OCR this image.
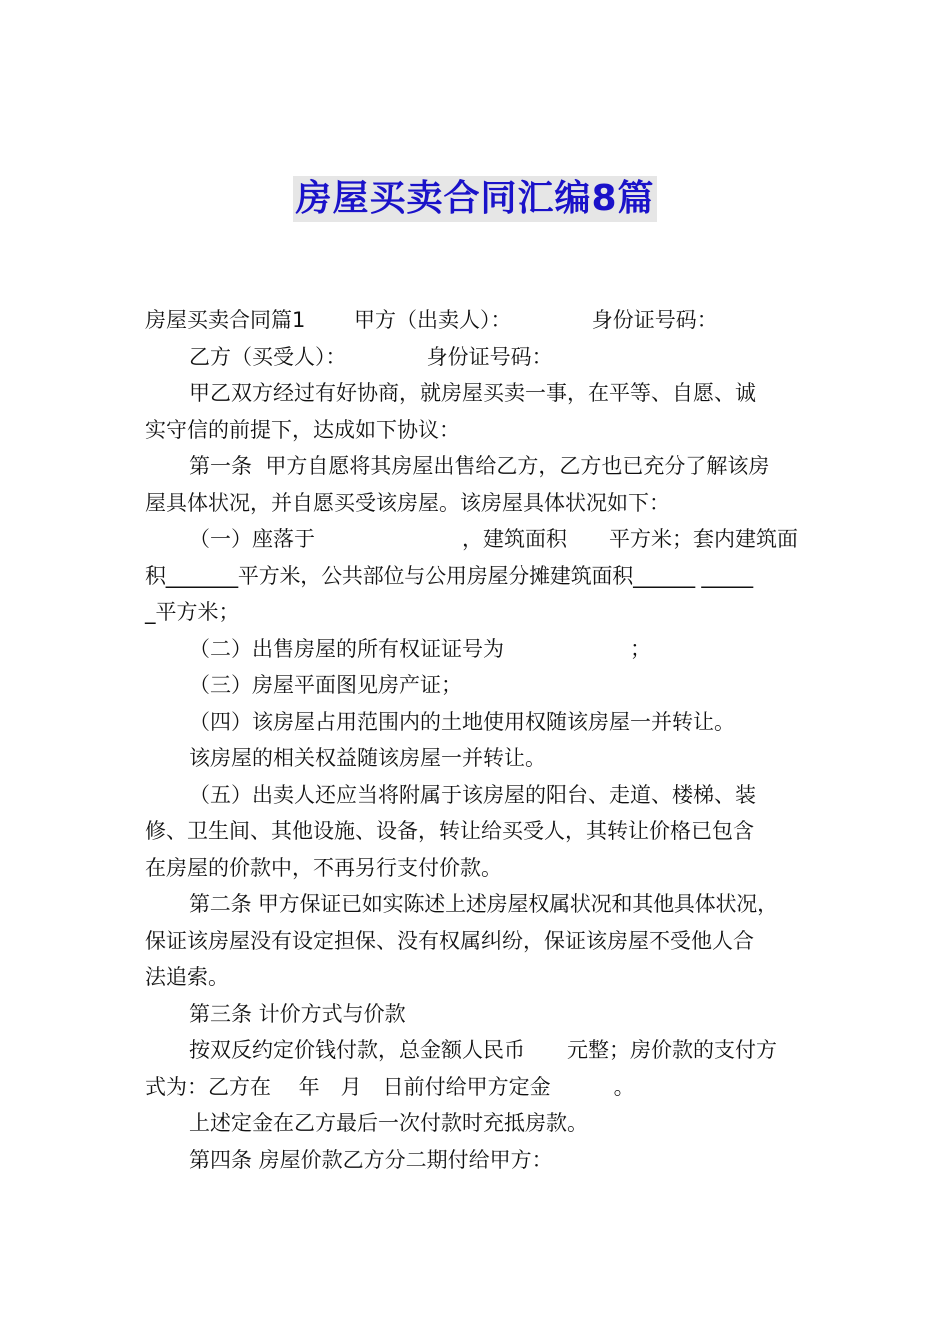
房屋买卖合同汇编8篇
房屋买卖合同篇1　　 甲方（出卖人）：　　　　 身份证号码：
乙方（买受人）：　　　　 身份证号码：
甲乙双方经过有好协商，就房屋买卖一事，在平等、自愿、诚
实守信的前提下，达成如下协议：
第一条  甲方自愿将其房屋出售给乙方，乙方也已充分了解该房
屋具体状况，并自愿买受该房屋。该房屋具体状况如下：
（一）座落于　　　　　　　，建筑面积　　平方米；套内建筑面
积_______平方米，公共部位与公用房屋分摊建筑面积______ _____
_平方米；
（二）出售房屋的所有权证证号为　　　　　　；
（三）房屋平面图见房产证；
（四）该房屋占用范围内的土地使用权随该房屋一并转让。
该房屋的相关权益随该房屋一并转让。
（五）出卖人还应当将附属于该房屋的阳台、走道、楼梯、装
修、卫生间、其他设施、设备，转让给买受人，其转让价格已包含
在房屋的价款中，不再另行支付价款。
第二条 甲方保证已如实陈述上述房屋权属状况和其他具体状况，
保证该房屋没有设定担保、没有权属纠纷，保证该房屋不受他人合
法追索。
第三条 计价方式与价款
按双反约定价钱付款，总金额人民币　　元整；房价款的支付方
式为：乙方在　 年　月　日前付给甲方定金　　　。
上述定金在乙方最后一次付款时充抵房款。
第四条 房屋价款乙方分二期付给甲方：
